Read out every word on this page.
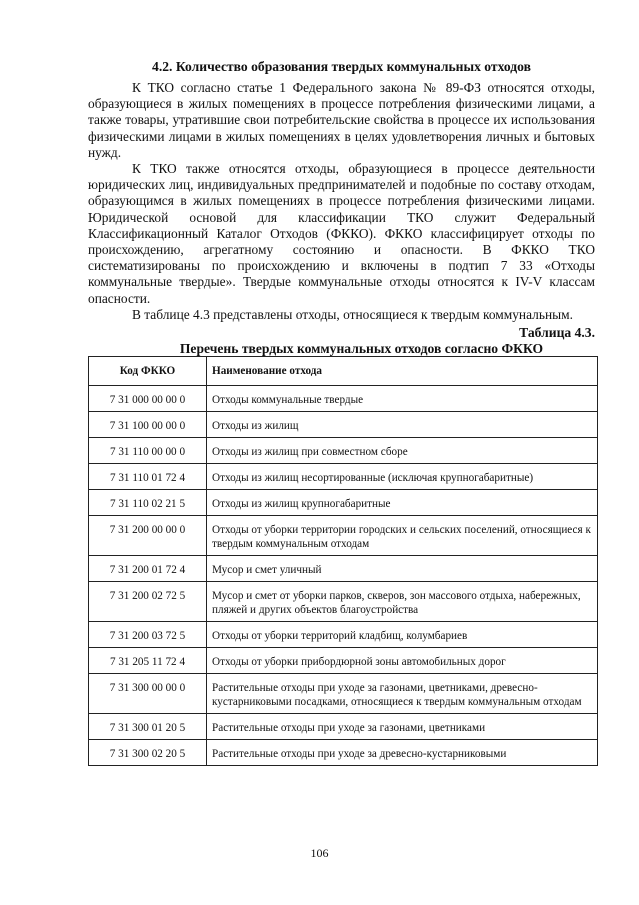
4.2. Количество образования твердых коммунальных отходов

К ТКО согласно статье 1 Федерального закона № 89-ФЗ относятся отходы, образующиеся в жилых помещениях в процессе потребления физическими лицами, а также товары, утратившие свои потребительские свойства в процессе их использования физическими лицами в жилых помещениях в целях удовлетворения личных и бытовых нужд.

К ТКО также относятся отходы, образующиеся в процессе деятельности юридических лиц, индивидуальных предпринимателей и подобные по составу отходам, образующимся в жилых помещениях в процессе потребления физическими лицами. Юридической основой для классификации ТКО служит Федеральный Классификационный Каталог Отходов (ФККО). ФККО классифицирует отходы по происхождению, агрегатному состоянию и опасности. В ФККО ТКО систематизированы по происхождению и включены в подтип 7 33 «Отходы коммунальные твердые». Твердые коммунальные отходы относятся к IV-V классам опасности.

В таблице 4.3 представлены отходы, относящиеся к твердым коммунальным.

Таблица 4.3.

Перечень твердых коммунальных отходов согласно ФККО

Код ФККО	Наименование отхода
7 31 000 00 00 0	Отходы коммунальные твердые
7 31 100 00 00 0	Отходы из жилищ
7 31 110 00 00 0	Отходы из жилищ при совместном сборе
7 31 110 01 72 4	Отходы из жилищ несортированные (исключая крупногабаритные)
7 31 110 02 21 5	Отходы из жилищ крупногабаритные
7 31 200 00 00 0	Отходы от уборки территории городских и сельских поселений, относящиеся к твердым коммунальным отходам
7 31 200 01 72 4	Мусор и смет уличный
7 31 200 02 72 5	Мусор и смет от уборки парков, скверов, зон массового отдыха, набережных, пляжей и других объектов благоустройства
7 31 200 03 72 5	Отходы от уборки территорий кладбищ, колумбариев
7 31 205 11 72 4	Отходы от уборки прибордюрной зоны автомобильных дорог
7 31 300 00 00 0	Растительные отходы при уходе за газонами, цветниками, древесно-кустарниковыми посадками, относящиеся к твердым коммунальным отходам
7 31 300 01 20 5	Растительные отходы при уходе за газонами, цветниками
7 31 300 02 20 5	Растительные отходы при уходе за древесно-кустарниковыми
106
